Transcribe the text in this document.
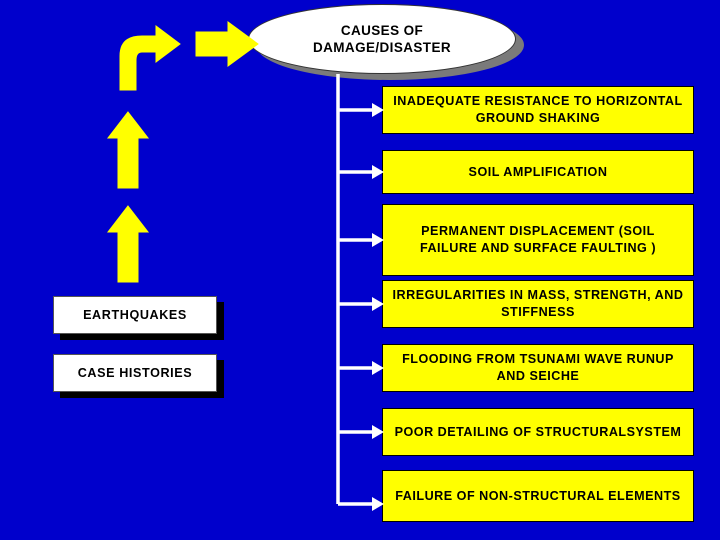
CAUSES OF
DAMAGE/DISASTER
INADEQUATE RESISTANCE TO HORIZONTAL GROUND SHAKING
SOIL AMPLIFICATION
PERMANENT DISPLACEMENT (SOIL FAILURE AND SURFACE FAULTING )
IRREGULARITIES IN MASS, STRENGTH, AND STIFFNESS
FLOODING FROM TSUNAMI WAVE RUNUP AND SEICHE
POOR DETAILING OF STRUCTURALSYSTEM
FAILURE OF NON-STRUCTURAL ELEMENTS
EARTHQUAKES
CASE HISTORIES
